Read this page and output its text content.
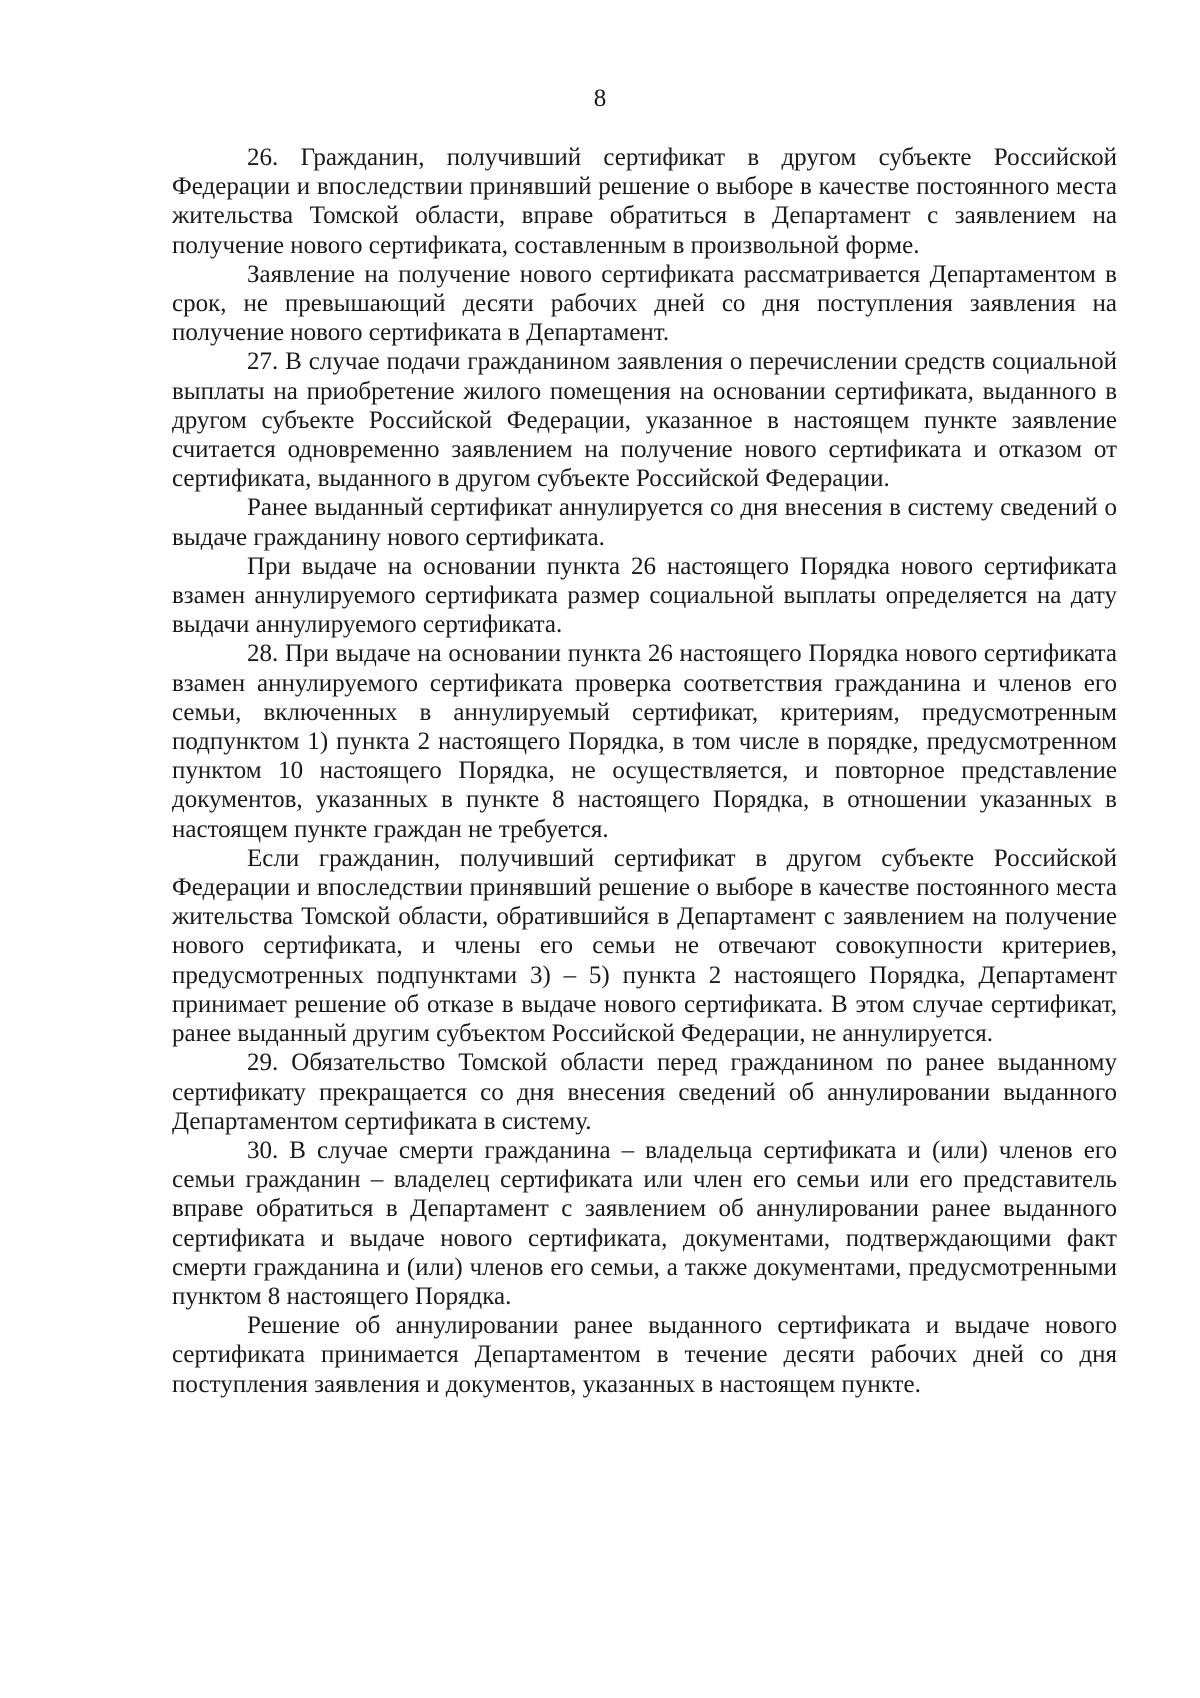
8

26. Гражданин, получивший сертификат в другом субъекте Российской Федерации и впоследствии принявший решение о выборе в качестве постоянного места жительства Томской области, вправе обратиться в Департамент с заявлением на получение нового сертификата, составленным в произвольной форме.

Заявление на получение нового сертификата рассматривается Департаментом в срок, не превышающий десяти рабочих дней со дня поступления заявления на получение нового сертификата в Департамент.

27. В случае подачи гражданином заявления о перечислении средств социальной выплаты на приобретение жилого помещения на основании сертификата, выданного в другом субъекте Российской Федерации, указанное в настоящем пункте заявление считается одновременно заявлением на получение нового сертификата и отказом от сертификата, выданного в другом субъекте Российской Федерации.

Ранее выданный сертификат аннулируется со дня внесения в систему сведений о выдаче гражданину нового сертификата.

При выдаче на основании пункта 26 настоящего Порядка нового сертификата взамен аннулируемого сертификата размер социальной выплаты определяется на дату выдачи аннулируемого сертификата.

28. При выдаче на основании пункта 26 настоящего Порядка нового сертификата взамен аннулируемого сертификата проверка соответствия гражданина и членов его семьи, включенных в аннулируемый сертификат, критериям, предусмотренным подпунктом 1) пункта 2 настоящего Порядка, в том числе в порядке, предусмотренном пунктом 10 настоящего Порядка, не осуществляется, и повторное представление документов, указанных в пункте 8 настоящего Порядка, в отношении указанных в настоящем пункте граждан не требуется.

Если гражданин, получивший сертификат в другом субъекте Российской Федерации и впоследствии принявший решение о выборе в качестве постоянного места жительства Томской области, обратившийся в Департамент с заявлением на получение нового сертификата, и члены его семьи не отвечают совокупности критериев, предусмотренных подпунктами 3) – 5) пункта 2 настоящего Порядка, Департамент принимает решение об отказе в выдаче нового сертификата. В этом случае сертификат, ранее выданный другим субъектом Российской Федерации, не аннулируется.

29. Обязательство Томской области перед гражданином по ранее выданному сертификату прекращается со дня внесения сведений об аннулировании выданного Департаментом сертификата в систему.

30. В случае смерти гражданина – владельца сертификата и (или) членов его семьи гражданин – владелец сертификата или член его семьи или его представитель вправе обратиться в Департамент с заявлением об аннулировании ранее выданного сертификата и выдаче нового сертификата, документами, подтверждающими факт смерти гражданина и (или) членов его семьи, а также документами, предусмотренными пунктом 8 настоящего Порядка.

Решение об аннулировании ранее выданного сертификата и выдаче нового сертификата принимается Департаментом в течение десяти рабочих дней со дня поступления заявления и документов, указанных в настоящем пункте.
